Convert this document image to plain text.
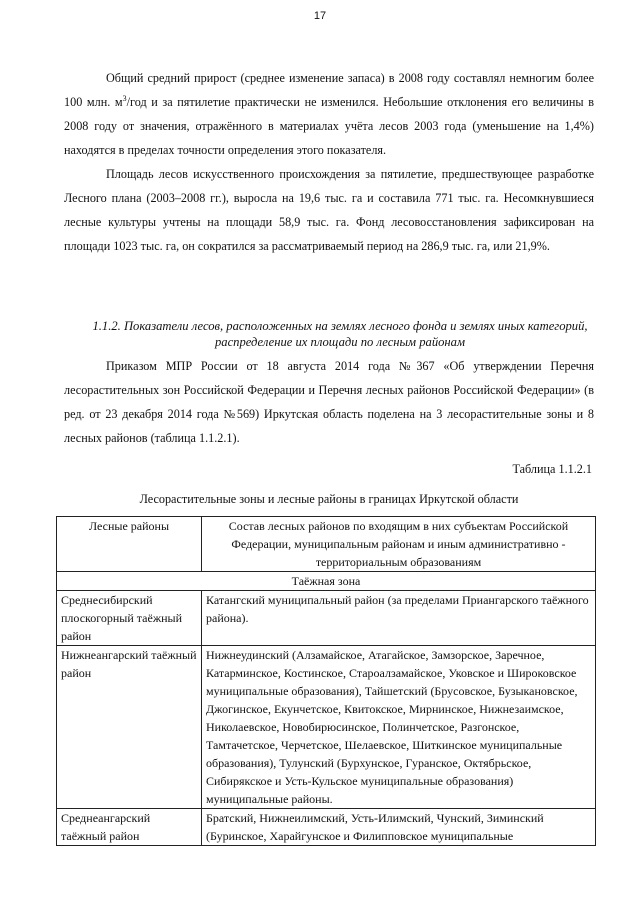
17
Общий средний прирост (среднее изменение запаса) в 2008 году составлял немногим более 100 млн. $м^3$/год и за пятилетие практически не изменился. Небольшие отклонения его величины в 2008 году от значения, отражённого в материалах учёта лесов 2003 года (уменьшение на 1,4%) находятся в пределах точности определения этого показателя.
Площадь лесов искусственного происхождения за пятилетие, предшествующее разработке Лесного плана (2003–2008 гг.), выросла на 19,6 тыс. га и составила 771 тыс. га. Несомкнувшиеся лесные культуры учтены на площади 58,9 тыс. га. Фонд лесовосстановления зафиксирован на площади 1023 тыс. га, он сократился за рассматриваемый период на 286,9 тыс. га, или 21,9%.
1.1.2. Показатели лесов, расположенных на землях лесного фонда и землях иных категорий, распределение их площади по лесным районам
Приказом МПР России от 18 августа 2014 года №367 «Об утверждении Перечня лесорастительных зон Российской Федерации и Перечня лесных районов Российской Федерации» (в ред. от 23 декабря 2014 года №569) Иркутская область поделена на 3 лесорастительные зоны и 8 лесных районов (таблица 1.1.2.1).
Таблица 1.1.2.1
Лесорастительные зоны и лесные районы в границах Иркутской области
Лесные районы	Состав лесных районов по входящим в них субъектам Российской Федерации, муниципальным районам и иным административно - территориальным образованиям
Таёжная зона	
Среднесибирский плоскогорный таёжный район	Катангский муниципальный район (за пределами Приангарского таёжного района).
Нижнеангарский таёжный район	Нижнеудинский (Алзамайское, Атагайское, Замзорское, Заречное, Катарминское, Костинское, Староалзамайское, Уковское и Широковское муниципальные образования), Тайшетский (Брусовское, Бузыкановское, Джогинское, Екунчетское, Квитокское, Мирнинское, Нижнезаимское, Николаевское, Новобирюсинское, Полинчетское, Разгонское, Тамтачетское, Черчетское, Шелаевское, Шиткинское муниципальные образования), Тулунский (Бурхунское, Гуранское, Октябрьское, Сибирякское и Усть-Кульское муниципальные образования) муниципальные районы.
Среднеангарский таёжный район	Братский, Нижнеилимский, Усть-Илимский, Чунский, Зиминский (Буринское, Харайгунское и Филипповское муниципальные
